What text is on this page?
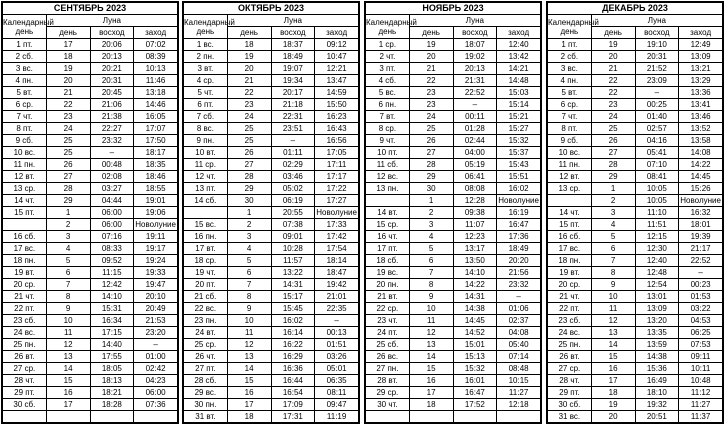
СЕНТЯБРЬ 2023			
Календарный день	Луна		
	день	восход	заход
1 пт.	17	20:06	07:02
2 сб.	18	20:13	08:39
3 вс.	19	20:21	10:13
4 пн.	20	20:31	11:46
5 вт.	21	20:45	13:18
6 ср.	22	21:06	14:46
7 чт.	23	21:38	16:05
8 пт.	24	22:27	17:07
9 сб.	25	23:32	17:50
10 вс.	25	–	18:17
11 пн.	26	00:48	18:35
12 вт.	27	02:08	18:46
13 ср.	28	03:27	18:55
14 чт.	29	04:44	19:01
15 пт.	1	06:00	19:06
	2	06:00	Новолуние
16 сб.	3	07:16	19:11
17 вс.	4	08:33	19:17
18 пн.	5	09:52	19:24
19 вт.	6	11:15	19:33
20 ср.	7	12:42	19:47
21 чт.	8	14:10	20:10
22 пт.	9	15:31	20:49
23 сб.	10	16:34	21:53
24 вс.	11	17:15	23:20
25 пн.	12	14:40	–
26 вт.	13	17:55	01:00
27 ср.	14	18:05	02:42
28 чт.	15	18:13	04:23
29 пт.	16	18:21	06:00
30 сб.	17	18:28	07:36

ОКТЯБРЬ 2023			
Календарный день	Луна		
	день	восход	заход
1 вс.	18	18:37	09:12
2 пн.	19	18:49	10:47
3 вт.	20	19:07	12:21
4 ср.	21	19:34	13:47
5 чт.	22	20:17	14:59
6 пт.	23	21:18	15:50
7 сб.	24	22:31	16:23
8 вс.	25	23:51	16:43
9 пн.	25	–	16:56
10 вт.	26	01:11	17:05
11 ср.	27	02:29	17:11
12 чт.	28	03:46	17:17
13 пт.	29	05:02	17:22
14 сб.	30	06:19	17:27
	1	20:55	Новолуние
15 вс.	2	07:38	17:33
16 пн.	3	09:01	17:42
17 вт.	4	10:28	17:54
18 ср.	5	11:57	18:14
19 чт.	6	13:22	18:47
20 пт.	7	14:31	19:42
21 сб.	8	15:17	21:01
22 вс.	9	15:45	22:35
23 пн.	10	16:02	–
24 вт.	11	16:14	00:13
25 ср.	12	16:22	01:51
26 чт.	13	16:29	03:26
27 пт.	14	16:36	05:01
28 сб.	15	16:44	06:35
29 вс.	16	16:54	08:11
30 пн.	17	17:09	09:47
31 вт.	18	17:31	11:19
НОЯБРЬ 2023			
Календарный день	Луна		
	день	восход	заход
1 ср.	19	18:07	12:40
2 чт.	20	19:02	13:42
3 пт.	21	20:13	14:21
4 сб.	22	21:31	14:48
5 вс.	23	22:52	15:03
6 пн.	23	–	15:14
7 вт.	24	00:11	15:21
8 ср.	25	01:28	15:27
9 чт.	26	02:44	15:32
10 пт.	27	04:00	15:37
11 сб.	28	05:19	15:43
12 вс.	29	06:41	15:51
13 пн.	30	08:08	16:02
	1	12:28	Новолуние
14 вт.	2	09:38	16:19
15 ср.	3	11:07	16:47
16 чт.	4	12:23	17:36
17 пт.	5	13:17	18:49
18 сб.	6	13:50	20:20
19 вс.	7	14:10	21:56
20 пн.	8	14:22	23:32
21 вт.	9	14:31	–
22 ср.	10	14:38	01:06
23 чт.	11	14:45	02:37
24 пт.	12	14:52	04:08
25 сб.	13	15:01	05:40
26 вс.	14	15:13	07:14
27 пн.	15	15:32	08:48
28 вт.	16	16:01	10:15
29 ср.	17	16:47	11:27
30 чт.	18	17:52	12:18

ДЕКАБРЬ 2023			
Календарный день	Луна		
	день	восход	заход
1 пт.	19	19:10	12:49
2 сб.	20	20:31	13:09
3 вс.	21	21:52	13:21
4 пн.	22	23:09	13:29
5 вт.	22	–	13:36
6 ср.	23	00:25	13:41
7 чт.	24	01:40	13:46
8 пт.	25	02:57	13:52
9 сб.	26	04:16	13:58
10 вс.	27	05:41	14:08
11 пн.	28	07:10	14:22
12 вт.	29	08:41	14:45
13 ср.	1	10:05	15:26
	2	10:05	Новолуние
14 чт.	3	11:10	16:32
15 пт.	4	11:51	18:01
16 сб.	5	12:15	19:39
17 вс.	6	12:30	21:17
18 пн.	7	12:40	22:52
19 вт.	8	12:48	–
20 ср.	9	12:54	00:23
21 чт.	10	13:01	01:53
22 пт.	11	13:09	03:22
23 сб.	12	13:20	04:53
24 вс.	13	13:35	06:25
25 пн.	14	13:59	07:53
26 вт.	15	14:38	09:11
27 ср.	16	15:36	10:11
28 чт.	17	16:49	10:48
29 пт.	18	18:10	11:12
30 сб.	19	19:32	11:27
31 вс.	20	20:51	11:37
